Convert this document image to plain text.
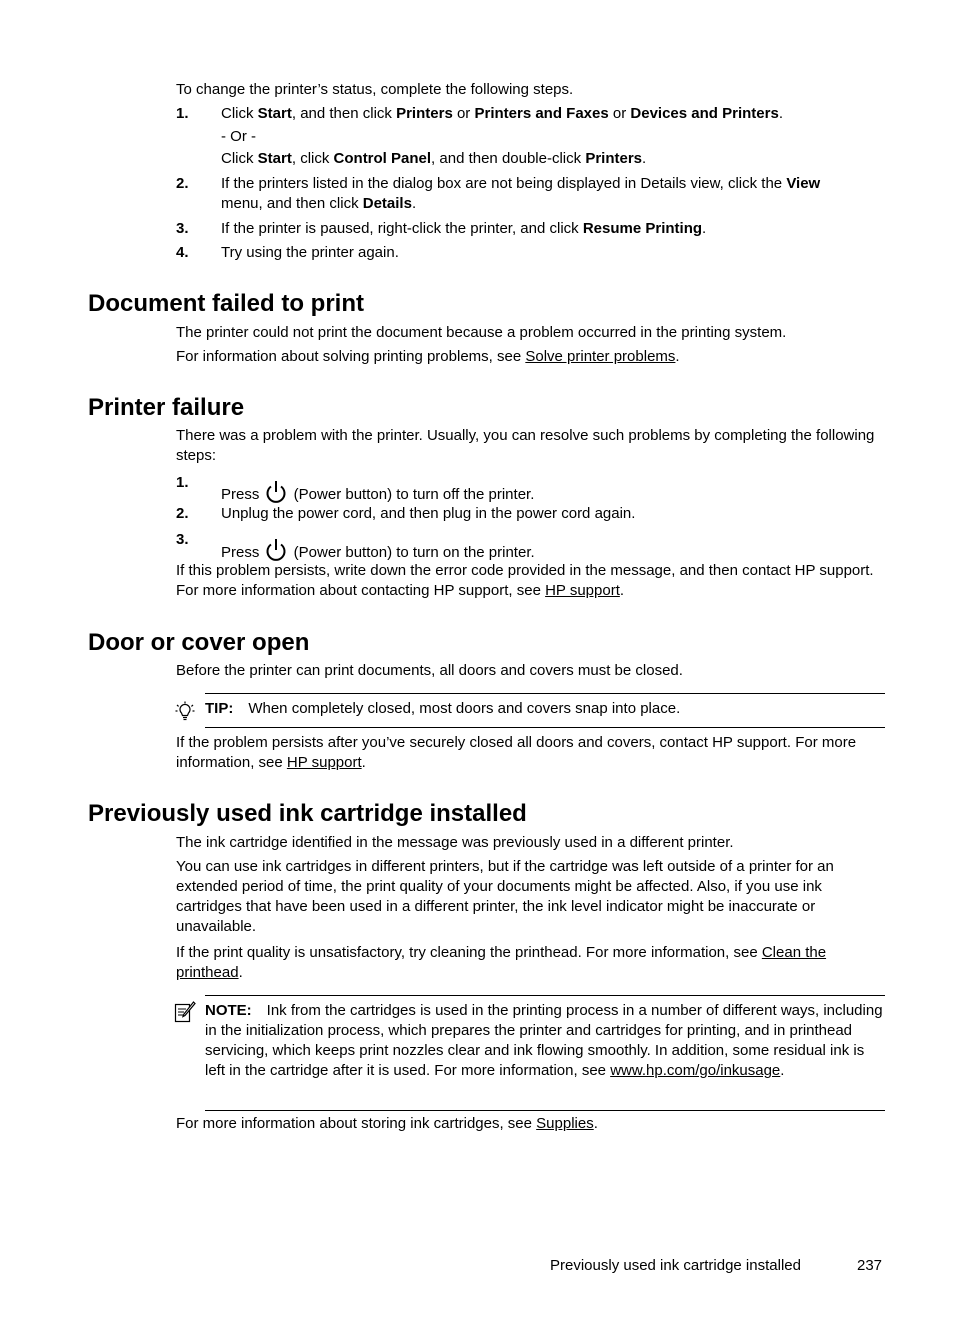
To change the printer’s status, complete the following steps.
1. Click Start, and then click Printers or Printers and Faxes or Devices and Printers.
- Or -
Click Start, click Control Panel, and then double-click Printers.
2. If the printers listed in the dialog box are not being displayed in Details view, click the View
menu, and then click Details.
3. If the printer is paused, right-click the printer, and click Resume Printing.
4. Try using the printer again.
Document failed to print
The printer could not print the document because a problem occurred in the printing system.
For information about solving printing problems, see Solve printer problems.
Printer failure
There was a problem with the printer. Usually, you can resolve such problems by completing the following steps:
1.
Press  (Power button) to turn off the printer.
2. Unplug the power cord, and then plug in the power cord again.
3.
Press  (Power button) to turn on the printer.
If this problem persists, write down the error code provided in the message, and then contact HP support. For more information about contacting HP support, see HP support.
Door or cover open
Before the printer can print documents, all doors and covers must be closed.
TIP: When completely closed, most doors and covers snap into place.
If the problem persists after you’ve securely closed all doors and covers, contact HP support. For more information, see HP support.
Previously used ink cartridge installed
The ink cartridge identified in the message was previously used in a different printer.
You can use ink cartridges in different printers, but if the cartridge was left outside of a printer for an extended period of time, the print quality of your documents might be affected. Also, if you use ink cartridges that have been used in a different printer, the ink level indicator might be inaccurate or unavailable.
If the print quality is unsatisfactory, try cleaning the printhead. For more information, see Clean the printhead.
NOTE: Ink from the cartridges is used in the printing process in a number of different ways, including in the initialization process, which prepares the printer and cartridges for printing, and in printhead servicing, which keeps print nozzles clear and ink flowing smoothly. In addition, some residual ink is left in the cartridge after it is used. For more information, see www.hp.com/go/inkusage.
For more information about storing ink cartridges, see Supplies.
Previously used ink cartridge installed	237
